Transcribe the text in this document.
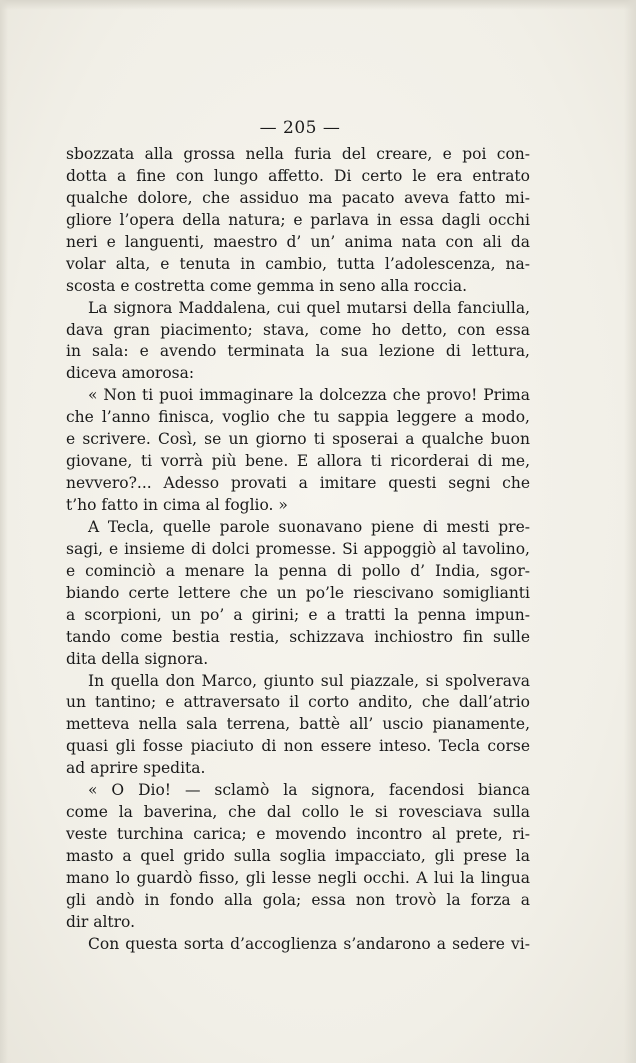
— 205 —
sbozzata alla grossa nella furia del creare, e poi con-
dotta a fine con lungo affetto. Di certo le era entrato
qualche dolore, che assiduo ma pacato aveva fatto mi-
gliore l’opera della natura; e parlava in essa dagli occhi
neri e languenti, maestro d’ un’ anima nata con ali da
volar alta, e tenuta in cambio, tutta l’adolescenza, na-
scosta e costretta come gemma in seno alla roccia.
La signora Maddalena, cui quel mutarsi della fanciulla,
dava gran piacimento; stava, come ho detto, con essa
in sala: e avendo terminata la sua lezione di lettura,
diceva amorosa:
« Non ti puoi immaginare la dolcezza che provo! Prima
che l’anno finisca, voglio che tu sappia leggere a modo,
e scrivere. Così, se un giorno ti sposerai a qualche buon
giovane, ti vorrà più bene. E allora ti ricorderai di me,
nevvero?... Adesso provati a imitare questi segni che
t’ho fatto in cima al foglio. »
A Tecla, quelle parole suonavano piene di mesti pre-
sagi, e insieme di dolci promesse. Si appoggiò al tavolino,
e cominciò a menare la penna di pollo d’ India, sgor-
biando certe lettere che un po’le riescivano somiglianti
a scorpioni, un po’ a girini; e a tratti la penna impun-
tando come bestia restia, schizzava inchiostro fin sulle
dita della signora.
In quella don Marco, giunto sul piazzale, si spolverava
un tantino; e attraversato il corto andito, che dall’atrio
metteva nella sala terrena, battè all’ uscio pianamente,
quasi gli fosse piaciuto di non essere inteso. Tecla corse
ad aprire spedita.
« O Dio! — sclamò la signora, facendosi bianca
come la baverina, che dal collo le si rovesciava sulla
veste turchina carica; e movendo incontro al prete, ri-
masto a quel grido sulla soglia impacciato, gli prese la
mano lo guardò fisso, gli lesse negli occhi. A lui la lingua
gli andò in fondo alla gola; essa non trovò la forza a
dir altro.
Con questa sorta d’accoglienza s’andarono a sedere vi-
